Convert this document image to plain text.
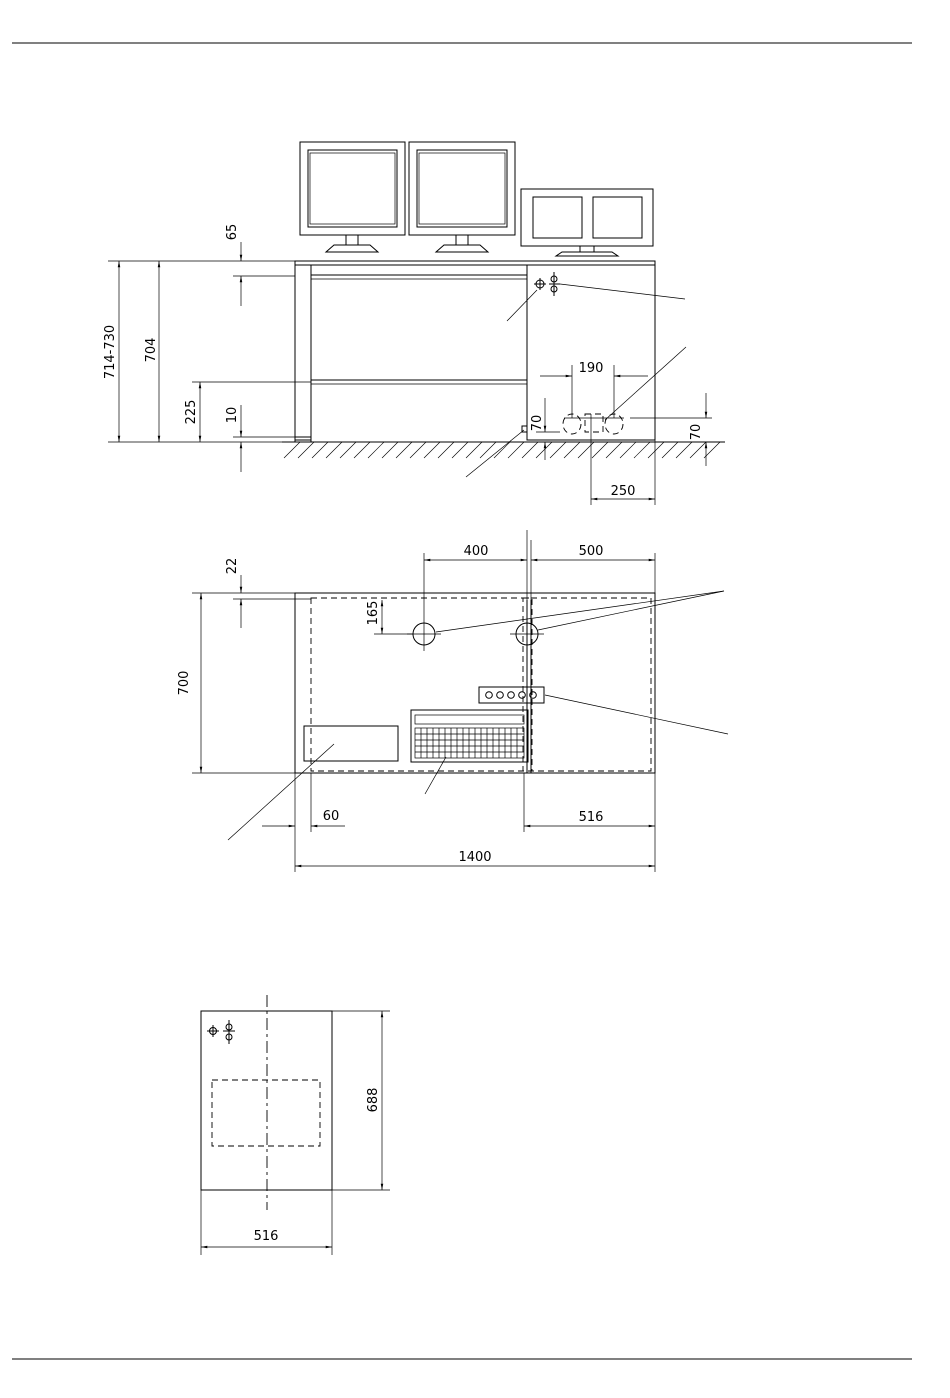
714-730 704
65
225 10
190
70
70
250
400	500
22
165
700
60	516
1400
688
516
